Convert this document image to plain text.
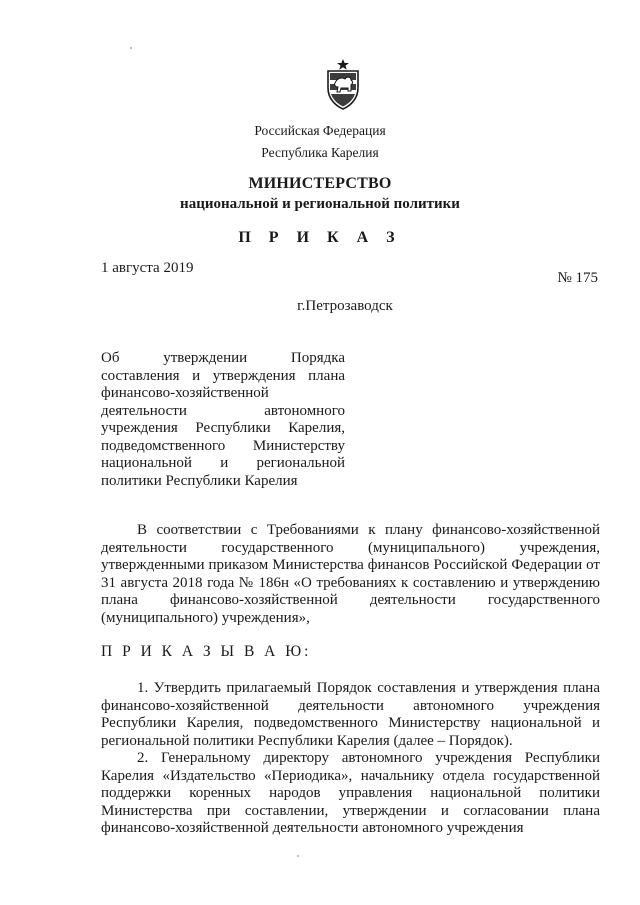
Российская Федерация
Республика Карелия
МИНИСТЕРСТВО
национальной и региональной политики
П Р И К А З
1 августа 2019
№ 175
г.Петрозаводск
Об утверждении Порядка составления и утверждения плана финансово-хозяйственной деятельности автономного учреждения Республики Карелия, подведомственного Министерству национальной и региональной политики Республики Карелия
В соответствии с Требованиями к плану финансово-хозяйственной деятельности государственного (муниципального) учреждения, утвержденными приказом Министерства финансов Российской Федерации от 31 августа 2018 года № 186н «О требованиях к составлению и утверждению плана финансово-хозяйственной деятельности государственного (муниципального) учреждения»,
П Р И К А З Ы В А Ю:
1. Утвердить прилагаемый Порядок составления и утверждения плана финансово-хозяйственной деятельности автономного учреждения Республики Карелия, подведомственного Министерству национальной и региональной политики Республики Карелия (далее – Порядок).
2. Генеральному директору автономного учреждения Республики Карелия «Издательство «Периодика», начальнику отдела государственной поддержки коренных народов управления национальной политики Министерства при составлении, утверждении и согласовании плана финансово-хозяйственной деятельности автономного учреждения
